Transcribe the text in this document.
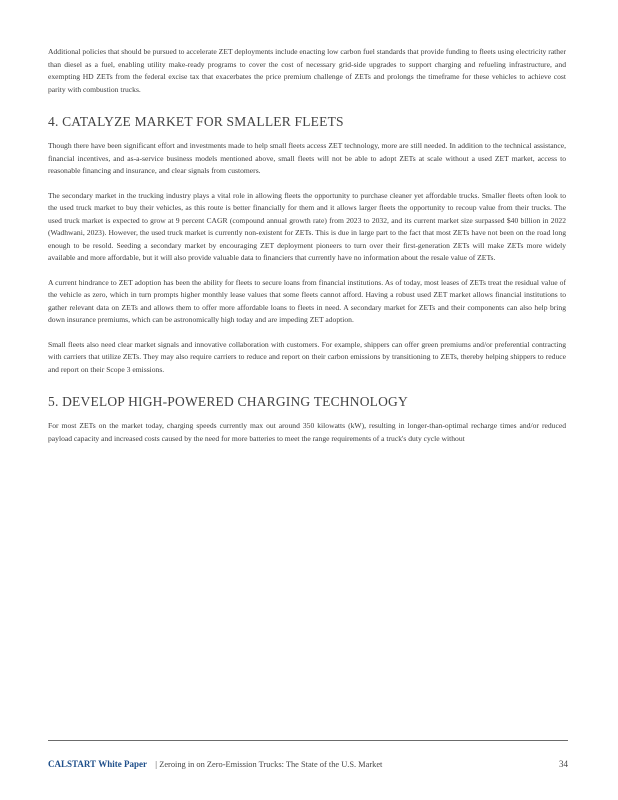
Additional policies that should be pursued to accelerate ZET deployments include enacting low carbon fuel standards that provide funding to fleets using electricity rather than diesel as a fuel, enabling utility make-ready programs to cover the cost of necessary grid-side upgrades to support charging and refueling infrastructure, and exempting HD ZETs from the federal excise tax that exacerbates the price premium challenge of ZETs and prolongs the timeframe for these vehicles to achieve cost parity with combustion trucks.

4. CATALYZE MARKET FOR SMALLER FLEETS

Though there have been significant effort and investments made to help small fleets access ZET technology, more are still needed. In addition to the technical assistance, financial incentives, and as-a-service business models mentioned above, small fleets will not be able to adopt ZETs at scale without a used ZET market, access to reasonable financing and insurance, and clear signals from customers.

The secondary market in the trucking industry plays a vital role in allowing fleets the opportunity to purchase cleaner yet affordable trucks. Smaller fleets often look to the used truck market to buy their vehicles, as this route is better financially for them and it allows larger fleets the opportunity to recoup value from their trucks. The used truck market is expected to grow at 9 percent CAGR (compound annual growth rate) from 2023 to 2032, and its current market size surpassed $40 billion in 2022 (Wadhwani, 2023). However, the used truck market is currently non-existent for ZETs. This is due in large part to the fact that most ZETs have not been on the road long enough to be resold. Seeding a secondary market by encouraging ZET deployment pioneers to turn over their first-generation ZETs will make ZETs more widely available and more affordable, but it will also provide valuable data to financiers that currently have no information about the resale value of ZETs.

A current hindrance to ZET adoption has been the ability for fleets to secure loans from financial institutions. As of today, most leases of ZETs treat the residual value of the vehicle as zero, which in turn prompts higher monthly lease values that some fleets cannot afford. Having a robust used ZET market allows financial institutions to gather relevant data on ZETs and allows them to offer more affordable loans to fleets in need. A secondary market for ZETs and their components can also help bring down insurance premiums, which can be astronomically high today and are impeding ZET adoption.

Small fleets also need clear market signals and innovative collaboration with customers. For example, shippers can offer green premiums and/or preferential contracting with carriers that utilize ZETs. They may also require carriers to reduce and report on their carbon emissions by transitioning to ZETs, thereby helping shippers to reduce and report on their Scope 3 emissions.

5. DEVELOP HIGH-POWERED CHARGING TECHNOLOGY

For most ZETs on the market today, charging speeds currently max out around 350 kilowatts (kW), resulting in longer-than-optimal recharge times and/or reduced payload capacity and increased costs caused by the need for more batteries to meet the range requirements of a truck's duty cycle without

CALSTART White Paper | Zeroing in on Zero-Emission Trucks: The State of the U.S. Market	34
